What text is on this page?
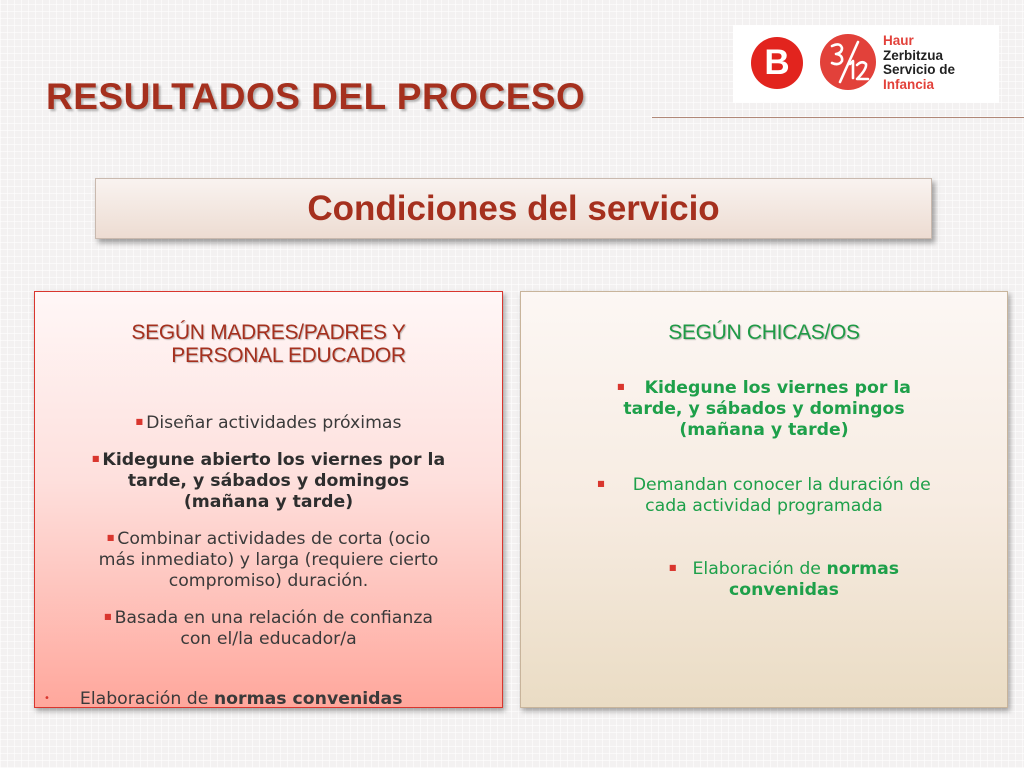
RESULTADOS DEL PROCESO
B
Haur
Zerbitzua
Servicio de
Infancia
Condiciones del servicio

SEGÚN MADRES/PADRES Y
PERSONAL EDUCADOR

■ Diseñar actividades próximas

■ Kidegune abierto los viernes por la
tarde, y sábados y domingos
(mañana y tarde)

■ Combinar actividades de corta (ocio
más inmediato) y larga (requiere cierto
compromiso) duración.

■ Basada en una relación de confianza
con el/la educador/a

• Elaboración de normas convenidas

SEGÚN CHICAS/OS

■ Kidegune los viernes por la
tarde, y sábados y domingos
(mañana y tarde)

■ Demandan conocer la duración de
cada actividad programada

■ Elaboración de normas
convenidas
